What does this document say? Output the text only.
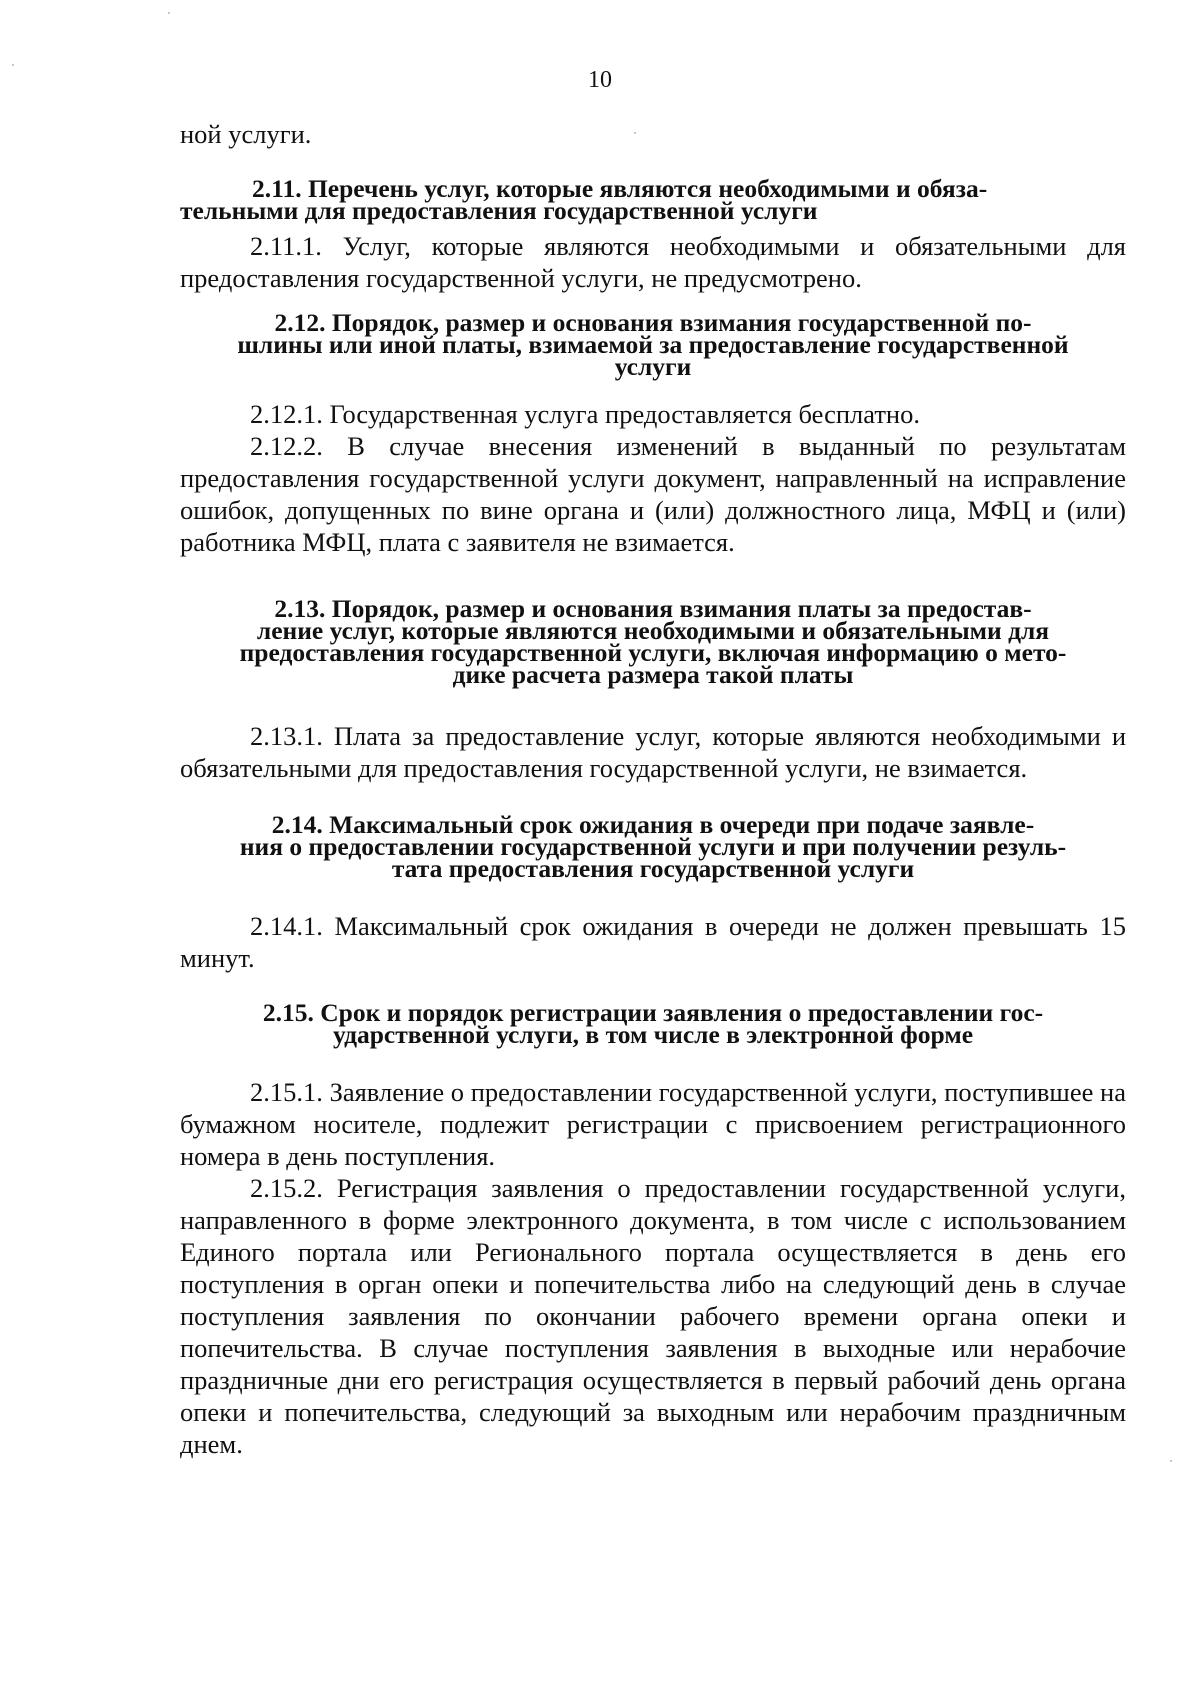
10

ной услуги.

2.11. Перечень услуг, которые являются необходимыми и обяза-
тельными для предоставления государственной услуги

2.11.1. Услуг, которые являются необходимыми и обязательными для предоставления государственной услуги, не предусмотрено.

2.12. Порядок, размер и основания взимания государственной по-
шлины или иной платы, взимаемой за предоставление государственной
услуги

2.12.1. Государственная услуга предоставляется бесплатно.

2.12.2. В случае внесения изменений в выданный по результатам предоставления государственной услуги документ, направленный на исправление ошибок, допущенных по вине органа и (или) должностного лица, МФЦ и (или) работника МФЦ, плата с заявителя не взимается.

2.13. Порядок, размер и основания взимания платы за предостав-
ление услуг, которые являются необходимыми и обязательными для
предоставления государственной услуги, включая информацию о мето-
дике расчета размера такой платы

2.13.1. Плата за предоставление услуг, которые являются необходимыми и обязательными для предоставления государственной услуги, не взимается.

2.14. Максимальный срок ожидания в очереди при подаче заявле-
ния о предоставлении государственной услуги и при получении резуль-
тата предоставления государственной услуги

2.14.1. Максимальный срок ожидания в очереди не должен превышать 15 минут.

2.15. Срок и порядок регистрации заявления о предоставлении гос-
ударственной услуги, в том числе в электронной форме

2.15.1. Заявление о предоставлении государственной услуги, поступившее на бумажном носителе, подлежит регистрации с присвоением регистрационного номера в день поступления.

2.15.2. Регистрация заявления о предоставлении государственной услуги, направленного в форме электронного документа, в том числе с использованием Единого портала или Регионального портала осуществляется в день его поступления в орган опеки и попечительства либо на следующий день в случае поступления заявления по окончании рабочего времени органа опеки и попечительства. В случае поступления заявления в выходные или нерабочие праздничные дни его регистрация осуществляется в первый рабочий день органа опеки и попечительства, следующий за выходным или нерабочим праздничным днем.
